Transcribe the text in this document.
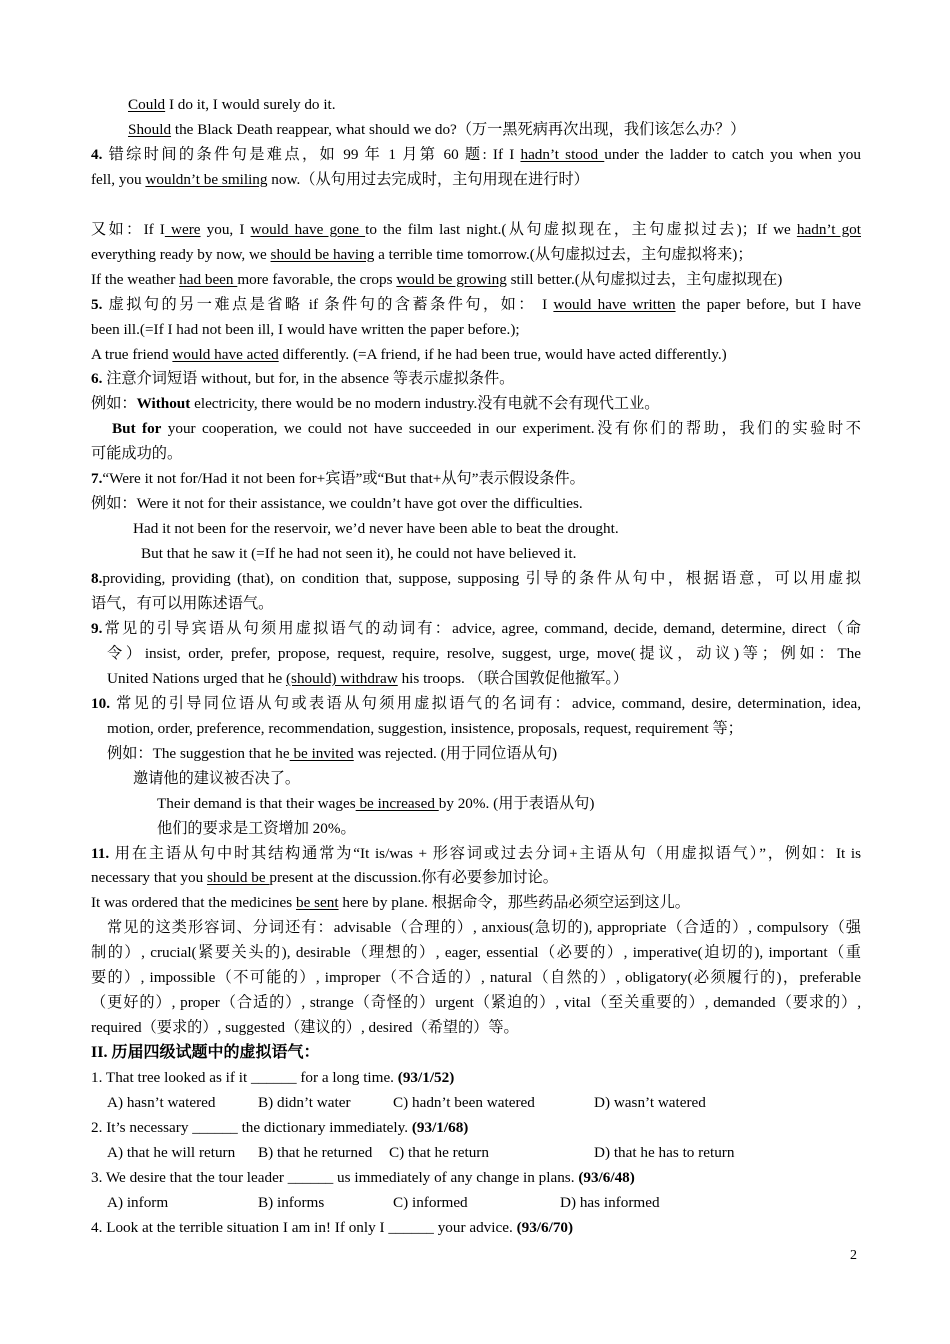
Could I do it, I would surely do it.
Should the Black Death reappear, what should we do?（万一黑死病再次出现，我们该怎么办？）
4. 错综时间的条件句是难点，如 99 年 1 月第 60 题: If I hadn’t stood under the ladder to catch you when you
fell, you wouldn’t be smiling now.（从句用过去完成时，主句用现在进行时）
又如：If I were you, I would have gone to the film last night.(从句虚拟现在，主句虚拟过去)；If we hadn’t got
everything ready by now, we should be having a terrible time tomorrow.(从句虚拟过去，主句虚拟将来)；
If the weather had been more favorable, the crops would be growing still better.(从句虚拟过去，主句虚拟现在)
5. 虚拟句的另一难点是省略 if 条件句的含蓄条件句，如： I would have written the paper before, but I have
been ill.(=If I had not been ill, I would have written the paper before.);
A true friend would have acted differently. (=A friend, if he had been true, would have acted differently.)
6. 注意介词短语 without, but for, in the absence 等表示虚拟条件。
例如：Without electricity, there would be no modern industry.没有电就不会有现代工业。
But for your cooperation, we could not have succeeded in our experiment.没有你们的帮助，我们的实验时不
可能成功的。
7.“Were it not for/Had it not been for+宾语”或“But that+从句”表示假设条件。
例如：Were it not for their assistance, we couldn’t have got over the difficulties.
Had it not been for the reservoir, we’d never have been able to beat the drought.
But that he saw it (=If he had not seen it), he could not have believed it.
8.providing, providing (that), on condition that, suppose, supposing 引导的条件从句中，根据语意，可以用虚拟
语气，有可以用陈述语气。
9.常见的引导宾语从句须用虚拟语气的动词有：advice, agree, command, decide, demand, determine, direct（命
令）insist, order, prefer, propose, request, require, resolve, suggest, urge, move(提议，动议)等；例如：The
United Nations urged that he (should) withdraw his troops. （联合国敦促他撤军。）
10. 常见的引导同位语从句或表语从句须用虚拟语气的名词有：advice, command, desire, determination, idea,
motion, order, preference, recommendation, suggestion, insistence, proposals, request, requirement 等；
例如：The suggestion that he be invited was rejected. (用于同位语从句)
邀请他的建议被否决了。
Their demand is that their wages be increased by 20%. (用于表语从句)
他们的要求是工资增加 20%。
11. 用在主语从句中时其结构通常为“It is/was + 形容词或过去分词+主语从句（用虚拟语气）”，例如：It is
necessary that you should be present at the discussion.你有必要参加讨论。
It was ordered that the medicines be sent here by plane. 根据命令，那些药品必须空运到这儿。
常见的这类形容词、分词还有：advisable（合理的）, anxious(急切的), appropriate（合适的）, compulsory（强
制的）, crucial(紧要关头的), desirable（理想的）, eager, essential（必要的）, imperative(迫切的), important（重
要的）, impossible（不可能的）, improper（不合适的）, natural（自然的）, obligatory(必须履行的)，preferable
（更好的）, proper（合适的）, strange（奇怪的）urgent（紧迫的）, vital（至关重要的）, demanded（要求的）,
required（要求的）, suggested（建议的）, desired（希望的）等。
II. 历届四级试题中的虚拟语气：
1. That tree looked as if it ______ for a long time. (93/1/52)
A) hasn’t watered	B) didn’t water	C) hadn’t been watered	D) wasn’t watered
2. It’s necessary ______ the dictionary immediately. (93/1/68)
A) that he will return B) that he returned C) that he return	D) that he has to return
3. We desire that the tour leader ______ us immediately of any change in plans. (93/6/48)
A) inform	B) informs	C) informed	D) has informed
4. Look at the terrible situation I am in! If only I ______ your advice. (93/6/70)
2
